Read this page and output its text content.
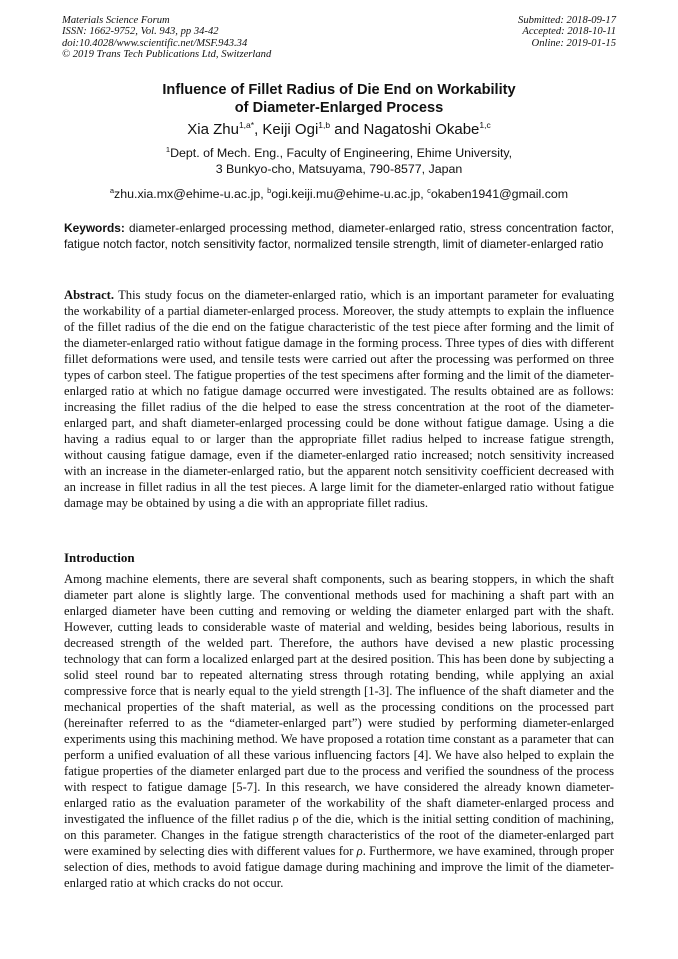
Materials Science Forum
ISSN: 1662-9752, Vol. 943, pp 34-42
doi:10.4028/www.scientific.net/MSF.943.34
© 2019 Trans Tech Publications Ltd, Switzerland
Submitted: 2018-09-17
Accepted: 2018-10-11
Online: 2019-01-15
Influence of Fillet Radius of Die End on Workability
of Diameter-Enlarged Process
Xia Zhu$^{1,a*}$, Keiji Ogi$^{1,b}$ and Nagatoshi Okabe$^{1,c}$
$^1$Dept. of Mech. Eng., Faculty of Engineering, Ehime University,
3 Bunkyo-cho, Matsuyama, 790-8577, Japan
$^a$zhu.xia.mx@ehime-u.ac.jp, $^b$ogi.keiji.mu@ehime-u.ac.jp, $^c$okaben1941@gmail.com
Keywords: diameter-enlarged processing method, diameter-enlarged ratio, stress concentration factor, fatigue notch factor, notch sensitivity factor, normalized tensile strength, limit of diameter-enlarged ratio
Abstract. This study focus on the diameter-enlarged ratio, which is an important parameter for evaluating the workability of a partial diameter-enlarged process. Moreover, the study attempts to explain the influence of the fillet radius of the die end on the fatigue characteristic of the test piece after forming and the limit of the diameter-enlarged ratio without fatigue damage in the forming process. Three types of dies with different fillet deformations were used, and tensile tests were carried out after the processing was performed on three types of carbon steel. The fatigue properties of the test specimens after forming and the limit of the diameter-enlarged ratio at which no fatigue damage occurred were investigated. The results obtained are as follows: increasing the fillet radius of the die helped to ease the stress concentration at the root of the diameter-enlarged part, and shaft diameter-enlarged processing could be done without fatigue damage. Using a die having a radius equal to or larger than the appropriate fillet radius helped to increase fatigue strength, without causing fatigue damage, even if the diameter-enlarged ratio increased; notch sensitivity increased with an increase in the diameter-enlarged ratio, but the apparent notch sensitivity coefficient decreased with an increase in fillet radius in all the test pieces. A large limit for the diameter-enlarged ratio without fatigue damage may be obtained by using a die with an appropriate fillet radius.
Introduction
Among machine elements, there are several shaft components, such as bearing stoppers, in which the shaft diameter part alone is slightly large. The conventional methods used for machining a shaft part with an enlarged diameter have been cutting and removing or welding the diameter enlarged part with the shaft. However, cutting leads to considerable waste of material and welding, besides being laborious, results in decreased strength of the welded part. Therefore, the authors have devised a new plastic processing technology that can form a localized enlarged part at the desired position. This has been done by subjecting a solid steel round bar to repeated alternating stress through rotating bending, while applying an axial compressive force that is nearly equal to the yield strength [1-3]. The influence of the shaft diameter and the mechanical properties of the shaft material, as well as the processing conditions on the processed part (hereinafter referred to as the “diameter-enlarged part”) were studied by performing diameter-enlarged experiments using this machining method. We have proposed a rotation time constant as a parameter that can perform a unified evaluation of all these various influencing factors [4]. We have also helped to explain the fatigue properties of the diameter enlarged part due to the process and verified the soundness of the process with respect to fatigue damage [5-7]. In this research, we have considered the already known diameter-enlarged ratio as the evaluation parameter of the workability of the shaft diameter-enlarged process and investigated the influence of the fillet radius ρ of the die, which is the initial setting condition of machining, on this parameter. Changes in the fatigue strength characteristics of the root of the diameter-enlarged part were examined by selecting dies with different values for ρ. Furthermore, we have examined, through proper selection of dies, methods to avoid fatigue damage during machining and improve the limit of the diameter-enlarged ratio at which cracks do not occur.
